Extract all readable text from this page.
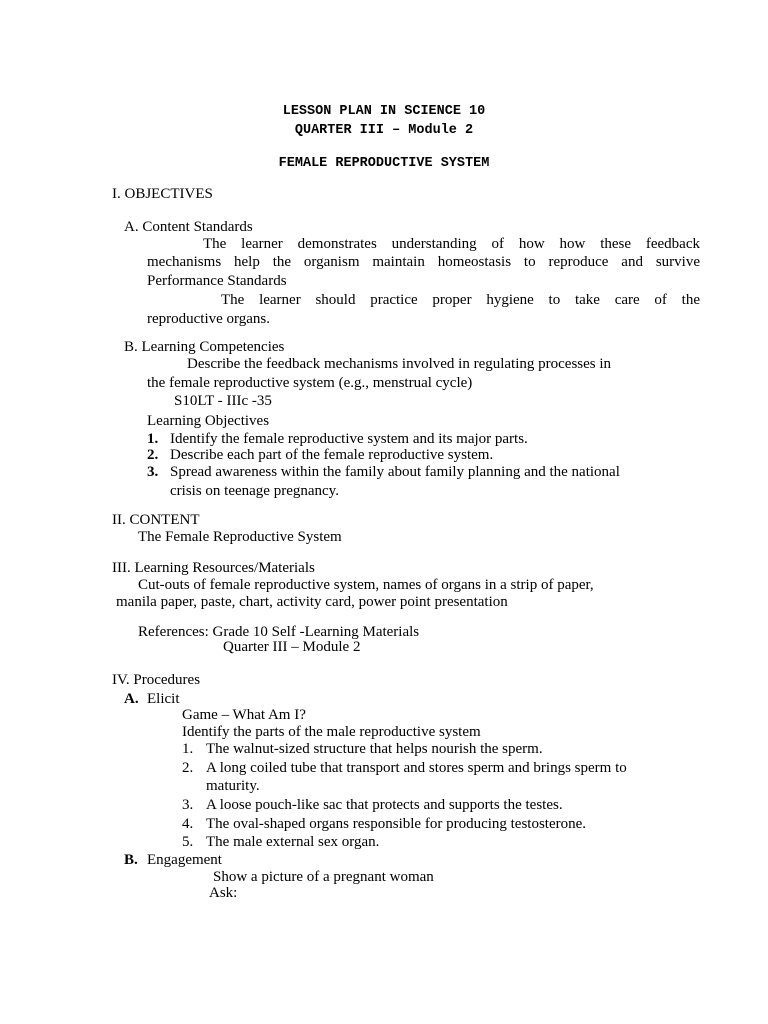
LESSON PLAN IN SCIENCE 10
QUARTER III – Module 2
FEMALE REPRODUCTIVE SYSTEM
I. OBJECTIVES
A. Content Standards
The learner demonstrates understanding of how how these feedback
mechanisms help the organism maintain homeostasis to reproduce and survive
Performance Standards
The learner should practice proper hygiene to take care of the
reproductive organs.
B. Learning Competencies
Describe the feedback mechanisms involved in regulating processes in
the female reproductive system (e.g., menstrual cycle)
S10LT - IIIc -35
Learning Objectives
1. Identify the female reproductive system and its major parts.
2. Describe each part of the female reproductive system.
3. Spread awareness within the family about family planning and the national
crisis on teenage pregnancy.
II. CONTENT
The Female Reproductive System
III. Learning Resources/Materials
Cut-outs of female reproductive system, names of organs in a strip of paper,
manila paper, paste, chart, activity card, power point presentation
References: Grade 10 Self -Learning Materials
Quarter III – Module 2
IV. Procedures
A. Elicit
Game – What Am I?
Identify the parts of the male reproductive system
1. The walnut-sized structure that helps nourish the sperm.
2. A long coiled tube that transport and stores sperm and brings sperm to
maturity.
3. A loose pouch-like sac that protects and supports the testes.
4. The oval-shaped organs responsible for producing testosterone.
5. The male external sex organ.
B. Engagement
Show a picture of a pregnant woman
Ask:
